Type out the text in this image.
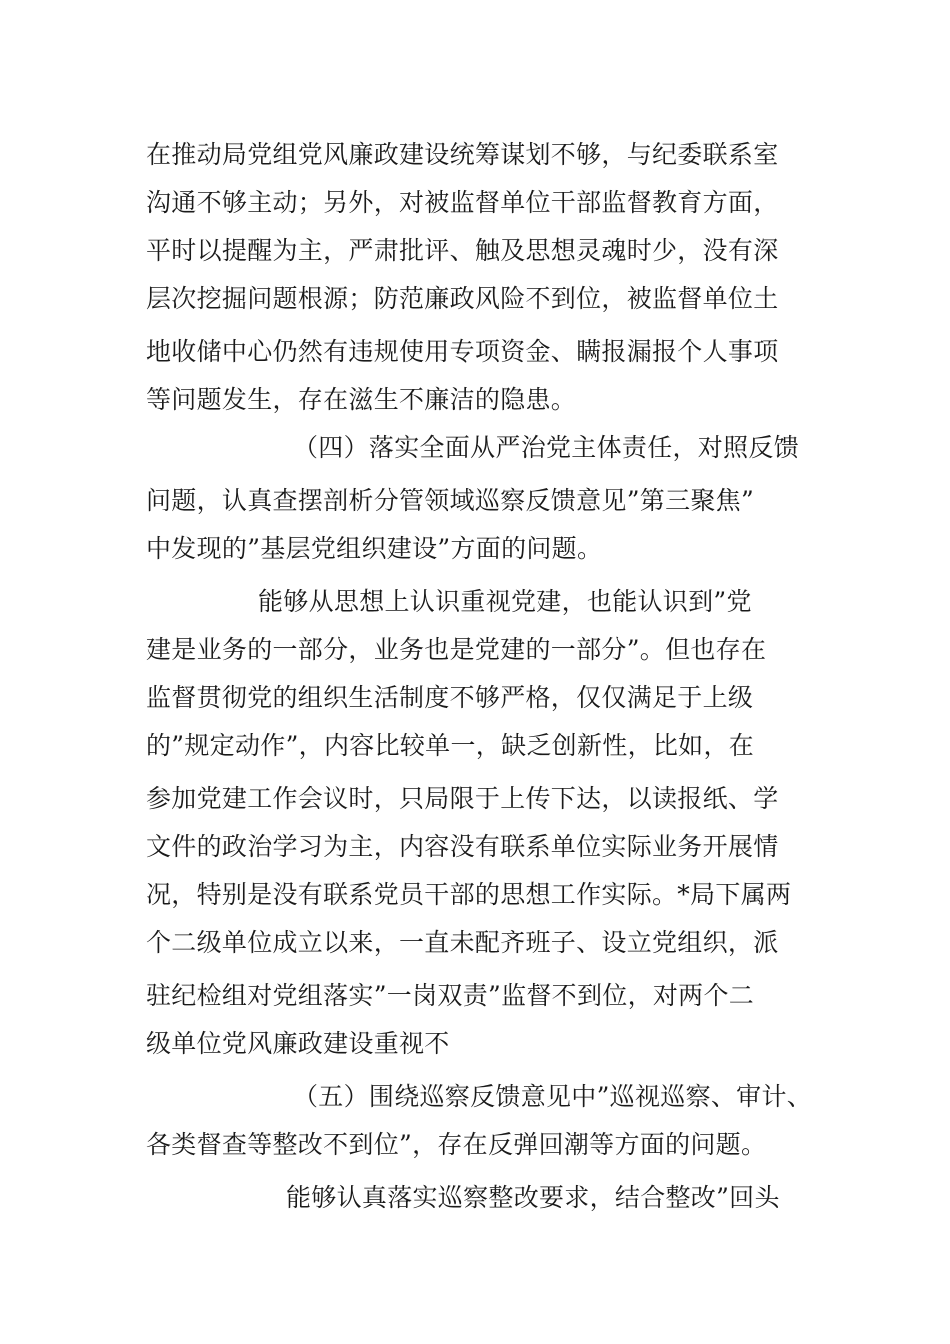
在推动局党组党风廉政建设统筹谋划不够，与纪委联系室
沟通不够主动；另外，对被监督单位干部监督教育方面，
平时以提醒为主，严肃批评、触及思想灵魂时少，没有深
层次挖掘问题根源；防范廉政风险不到位，被监督单位土
地收储中心仍然有违规使用专项资金、瞒报漏报个人事项
等问题发生，存在滋生不廉洁的隐患。
（四）落实全面从严治党主体责任，对照反馈
问题，认真查摆剖析分管领域巡察反馈意见”第三聚焦”
中发现的”基层党组织建设”方面的问题。
能够从思想上认识重视党建，也能认识到”党
建是业务的一部分，业务也是党建的一部分”。但也存在
监督贯彻党的组织生活制度不够严格，仅仅满足于上级
的”规定动作”，内容比较单一，缺乏创新性，比如，在
参加党建工作会议时，只局限于上传下达，以读报纸、学
文件的政治学习为主，内容没有联系单位实际业务开展情
况，特别是没有联系党员干部的思想工作实际。*局下属两
个二级单位成立以来，一直未配齐班子、设立党组织，派
驻纪检组对党组落实”一岗双责”监督不到位，对两个二
级单位党风廉政建设重视不
（五）围绕巡察反馈意见中”巡视巡察、审计、
各类督查等整改不到位”，存在反弹回潮等方面的问题。
能够认真落实巡察整改要求，结合整改”回头
